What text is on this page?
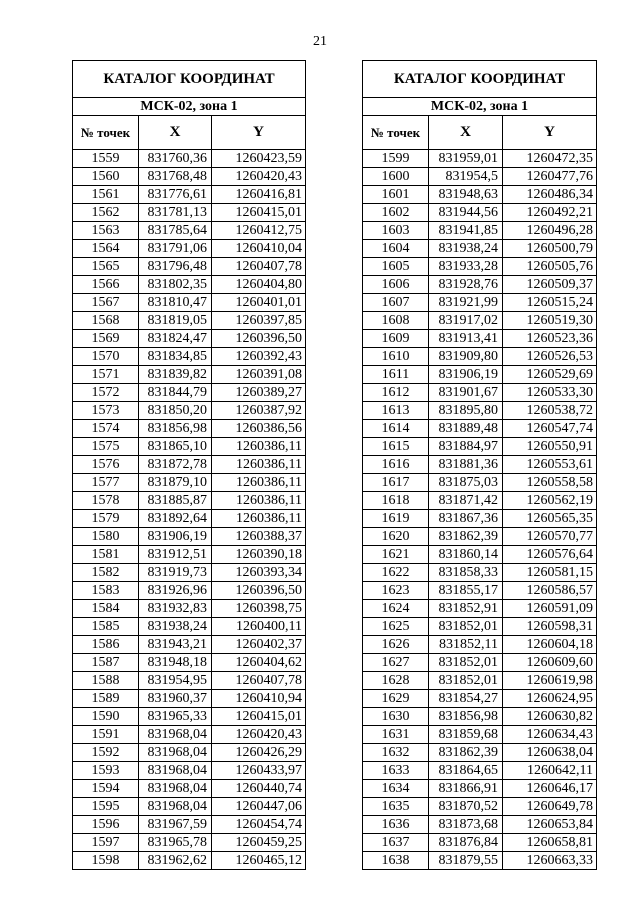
21
КАТАЛОГ КООРДИНАТ		
МСК-02, зона 1		
№ точек	X	Y
1559	831760,36	1260423,59
1560	831768,48	1260420,43
1561	831776,61	1260416,81
1562	831781,13	1260415,01
1563	831785,64	1260412,75
1564	831791,06	1260410,04
1565	831796,48	1260407,78
1566	831802,35	1260404,80
1567	831810,47	1260401,01
1568	831819,05	1260397,85
1569	831824,47	1260396,50
1570	831834,85	1260392,43
1571	831839,82	1260391,08
1572	831844,79	1260389,27
1573	831850,20	1260387,92
1574	831856,98	1260386,56
1575	831865,10	1260386,11
1576	831872,78	1260386,11
1577	831879,10	1260386,11
1578	831885,87	1260386,11
1579	831892,64	1260386,11
1580	831906,19	1260388,37
1581	831912,51	1260390,18
1582	831919,73	1260393,34
1583	831926,96	1260396,50
1584	831932,83	1260398,75
1585	831938,24	1260400,11
1586	831943,21	1260402,37
1587	831948,18	1260404,62
1588	831954,95	1260407,78
1589	831960,37	1260410,94
1590	831965,33	1260415,01
1591	831968,04	1260420,43
1592	831968,04	1260426,29
1593	831968,04	1260433,97
1594	831968,04	1260440,74
1595	831968,04	1260447,06
1596	831967,59	1260454,74
1597	831965,78	1260459,25
1598	831962,62	1260465,12
КАТАЛОГ КООРДИНАТ		
МСК-02, зона 1		
№ точек	X	Y
1599	831959,01	1260472,35
1600	831954,5	1260477,76
1601	831948,63	1260486,34
1602	831944,56	1260492,21
1603	831941,85	1260496,28
1604	831938,24	1260500,79
1605	831933,28	1260505,76
1606	831928,76	1260509,37
1607	831921,99	1260515,24
1608	831917,02	1260519,30
1609	831913,41	1260523,36
1610	831909,80	1260526,53
1611	831906,19	1260529,69
1612	831901,67	1260533,30
1613	831895,80	1260538,72
1614	831889,48	1260547,74
1615	831884,97	1260550,91
1616	831881,36	1260553,61
1617	831875,03	1260558,58
1618	831871,42	1260562,19
1619	831867,36	1260565,35
1620	831862,39	1260570,77
1621	831860,14	1260576,64
1622	831858,33	1260581,15
1623	831855,17	1260586,57
1624	831852,91	1260591,09
1625	831852,01	1260598,31
1626	831852,11	1260604,18
1627	831852,01	1260609,60
1628	831852,01	1260619,98
1629	831854,27	1260624,95
1630	831856,98	1260630,82
1631	831859,68	1260634,43
1632	831862,39	1260638,04
1633	831864,65	1260642,11
1634	831866,91	1260646,17
1635	831870,52	1260649,78
1636	831873,68	1260653,84
1637	831876,84	1260658,81
1638	831879,55	1260663,33
